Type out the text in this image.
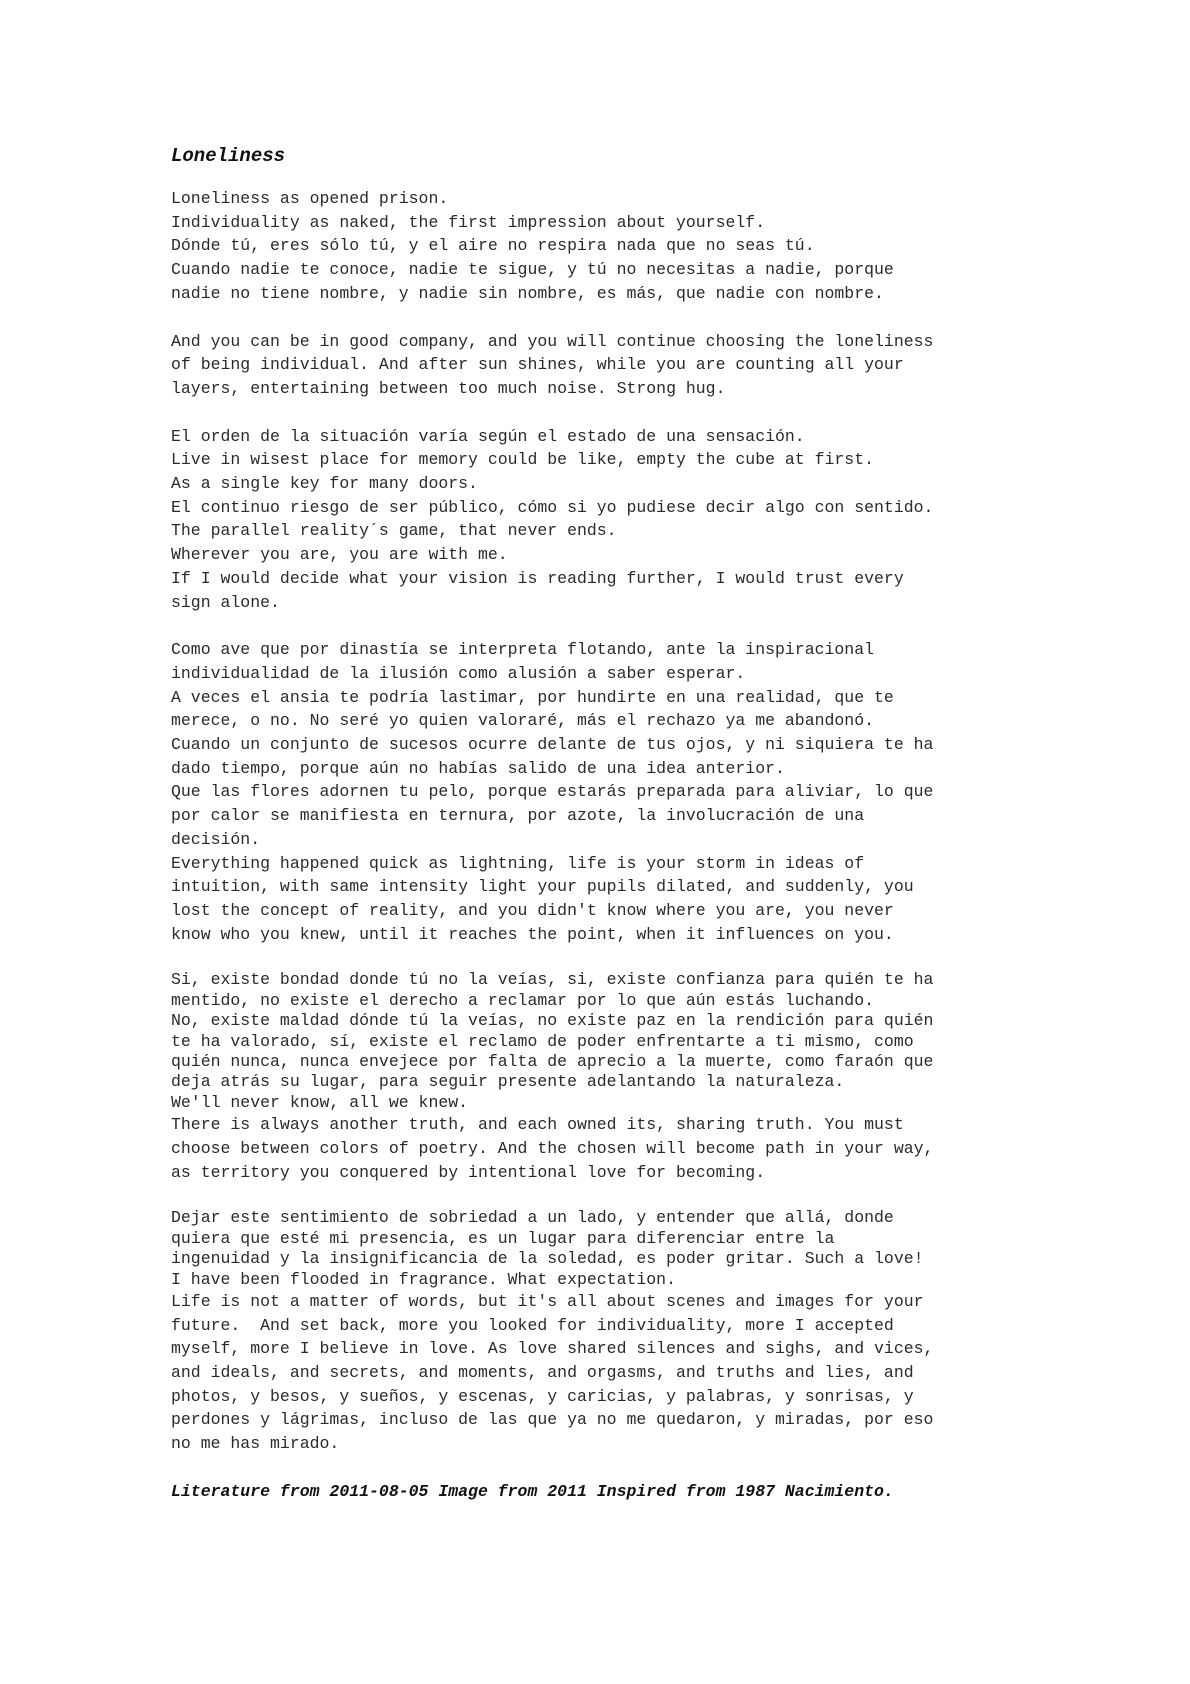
Loneliness
Loneliness as opened prison.
Individuality as naked, the first impression about yourself.
Dónde tú, eres sólo tú, y el aire no respira nada que no seas tú.
Cuando nadie te conoce, nadie te sigue, y tú no necesitas a nadie, porque
nadie no tiene nombre, y nadie sin nombre, es más, que nadie con nombre.
And you can be in good company, and you will continue choosing the loneliness
of being individual. And after sun shines, while you are counting all your
layers, entertaining between too much noise. Strong hug.
El orden de la situación varía según el estado de una sensación.
Live in wisest place for memory could be like, empty the cube at first.
As a single key for many doors.
El continuo riesgo de ser público, cómo si yo pudiese decir algo con sentido.
The parallel reality´s game, that never ends.
Wherever you are, you are with me.
If I would decide what your vision is reading further, I would trust every
sign alone.
Como ave que por dinastía se interpreta flotando, ante la inspiracional
individualidad de la ilusión como alusión a saber esperar.
A veces el ansia te podría lastimar, por hundirte en una realidad, que te
merece, o no. No seré yo quien valoraré, más el rechazo ya me abandonó.
Cuando un conjunto de sucesos ocurre delante de tus ojos, y ni siquiera te ha
dado tiempo, porque aún no habías salido de una idea anterior.
Que las flores adornen tu pelo, porque estarás preparada para aliviar, lo que
por calor se manifiesta en ternura, por azote, la involucración de una
decisión.
Everything happened quick as lightning, life is your storm in ideas of
intuition, with same intensity light your pupils dilated, and suddenly, you
lost the concept of reality, and you didn't know where you are, you never
know who you knew, until it reaches the point, when it influences on you.
Si, existe bondad donde tú no la veías, si, existe confianza para quién te ha
mentido, no existe el derecho a reclamar por lo que aún estás luchando.
No, existe maldad dónde tú la veías, no existe paz en la rendición para quién
te ha valorado, sí, existe el reclamo de poder enfrentarte a ti mismo, como
quién nunca, nunca envejece por falta de aprecio a la muerte, como faraón que
deja atrás su lugar, para seguir presente adelantando la naturaleza.
We'll never know, all we knew.
There is always another truth, and each owned its, sharing truth. You must
choose between colors of poetry. And the chosen will become path in your way,
as territory you conquered by intentional love for becoming.
Dejar este sentimiento de sobriedad a un lado, y entender que allá, donde
quiera que esté mi presencia, es un lugar para diferenciar entre la
ingenuidad y la insignificancia de la soledad, es poder gritar. Such a love!
I have been flooded in fragrance. What expectation.
Life is not a matter of words, but it's all about scenes and images for your
future.  And set back, more you looked for individuality, more I accepted
myself, more I believe in love. As love shared silences and sighs, and vices,
and ideals, and secrets, and moments, and orgasms, and truths and lies, and
photos, y besos, y sueños, y escenas, y caricias, y palabras, y sonrisas, y
perdones y lágrimas, incluso de las que ya no me quedaron, y miradas, por eso
no me has mirado.
Literature from 2011-08-05 Image from 2011 Inspired from 1987 Nacimiento.
